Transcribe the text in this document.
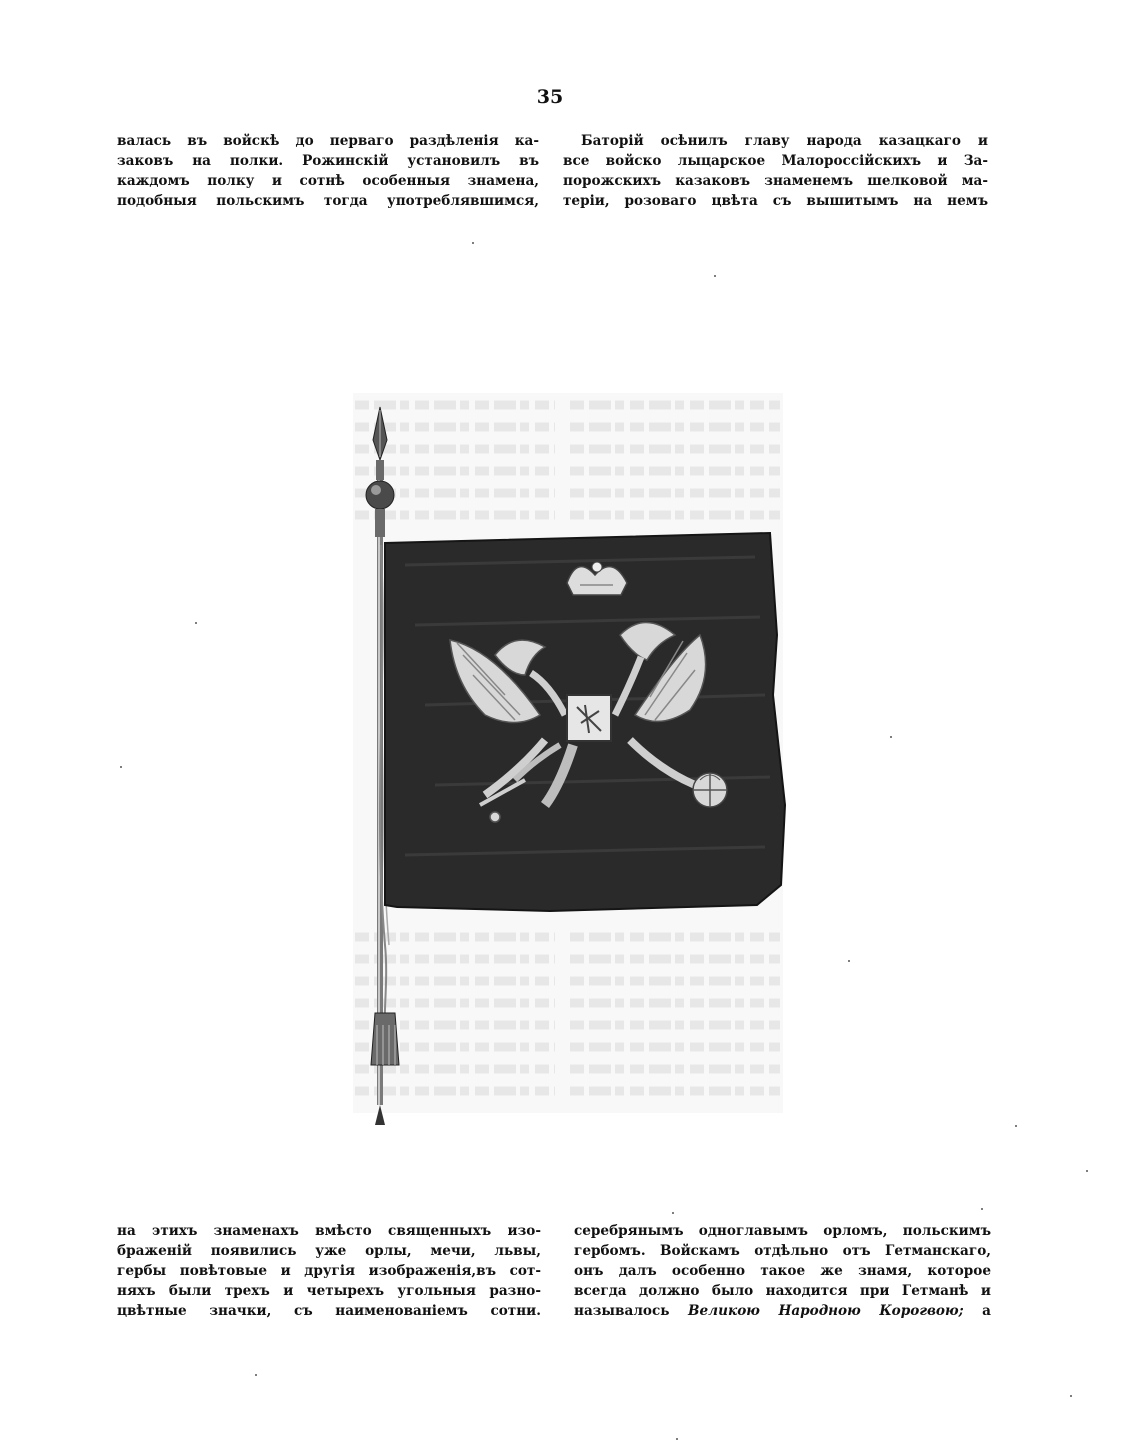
35
валась въ войскѣ до перваго раздѣленія ка-
заковъ на полки. Рожинскій установилъ въ
каждомъ полку и сотнѣ особенныя знамена,
подобныя польскимъ тогда употреблявшимся,
Баторій осѣнилъ главу народа казацкаго и
все войско лыцарское Малороссійскихъ и За-
порожскихъ казаковъ знаменемъ шелковой ма-
теріи, розоваго цвѣта съ вышитымъ на немъ
на этихъ знаменахъ вмѣсто священныхъ изо-
браженій появились уже орлы, мечи, львы,
гербы повѣтовые и другія изображенія,въ сот-
няхъ были трехъ и четырехъ угольныя разно-
цвѣтные значки, съ наименованіемъ сотни.
серебрянымъ одноглавымъ орломъ, польскимъ
гербомъ. Войскамъ отдѣльно отъ Гетманскаго,
онъ далъ особенно такое же знамя, которое
всегда должно было находится при Гетманѣ и
называлось Великою Народною Корогвою; а
